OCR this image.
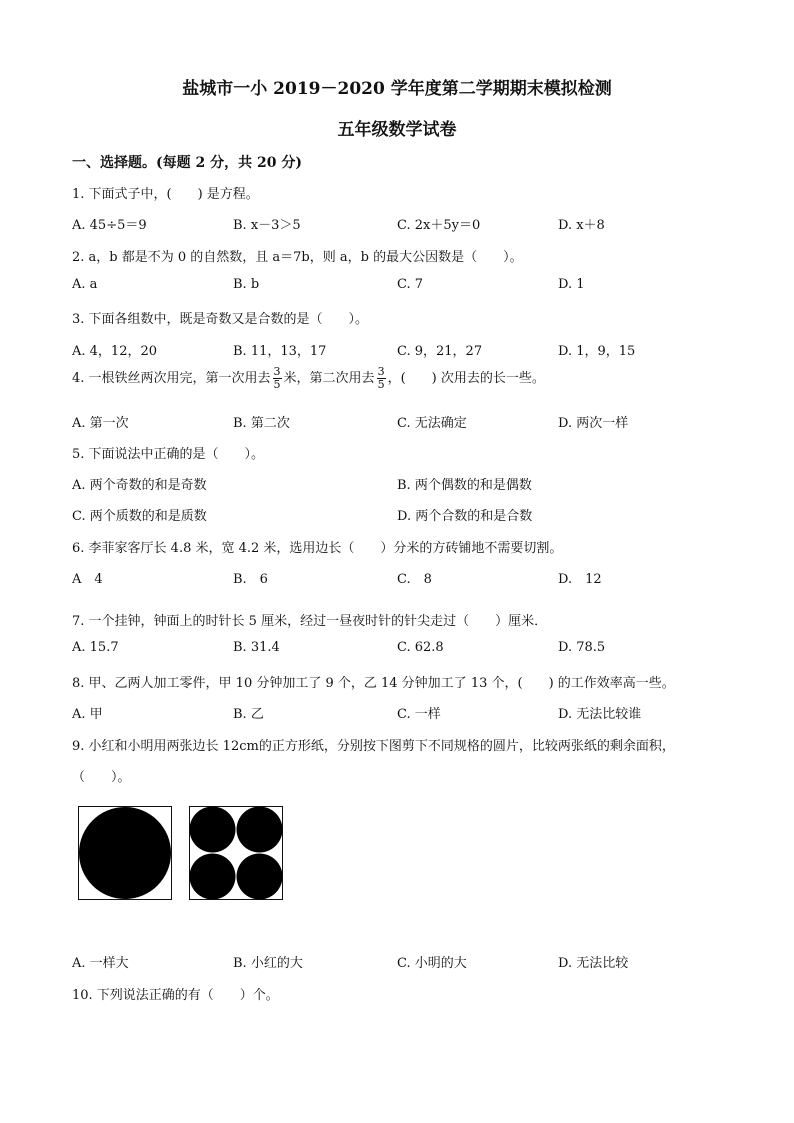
盐城市一小 2019－2020 学年度第二学期期末模拟检测
五年级数学试卷
一、选择题。(每题 2 分，共 20 分)
1. 下面式子中，(　　) 是方程。
A. 45÷5＝9	B. x－3＞5	C. 2x＋5y＝0	D. x＋8
2. a，b 都是不为 0 的自然数，且 a＝7b，则 a，b 的最大公因数是（　　）。
A. a	B. b	C. 7	D. 1
3. 下面各组数中，既是奇数又是合数的是（　　）。
A. 4，12，20	B. 11，13，17	C. 9，21，27	D. 1，9，15
4. 一根铁丝两次用完，第一次用去 $\frac{3}{5}$ 米，第二次用去 $\frac{3}{5}$ ，(　　) 次用去的长一些。
A. 第一次	B. 第二次	C. 无法确定	D. 两次一样
5. 下面说法中正确的是（　　）。
A. 两个奇数的和是奇数	B. 两个偶数的和是偶数
C. 两个质数的和是质数	D. 两个合数的和是合数
6. 李菲家客厅长 4.8 米，宽 4.2 米，选用边长（　　）分米的方砖铺地不需要切割。
A　4	B.　6	C.　8	D.　12
7. 一个挂钟，钟面上的时针长 5 厘米，经过一昼夜时针的针尖走过（　　）厘米．
A. 15.7	B. 31.4	C. 62.8	D. 78.5
8. 甲、乙两人加工零件，甲 10 分钟加工了 9 个，乙 14 分钟加工了 13 个，(　　) 的工作效率高一些。
A. 甲	B. 乙	C. 一样	D. 无法比较谁
9. 小红和小明用两张边长 12cm的正方形纸，分别按下图剪下不同规格的圆片，比较两张纸的剩余面积，
（　　）。
A. 一样大	B. 小红的大	C. 小明的大	D. 无法比较
10. 下列说法正确的有（　　）个。
